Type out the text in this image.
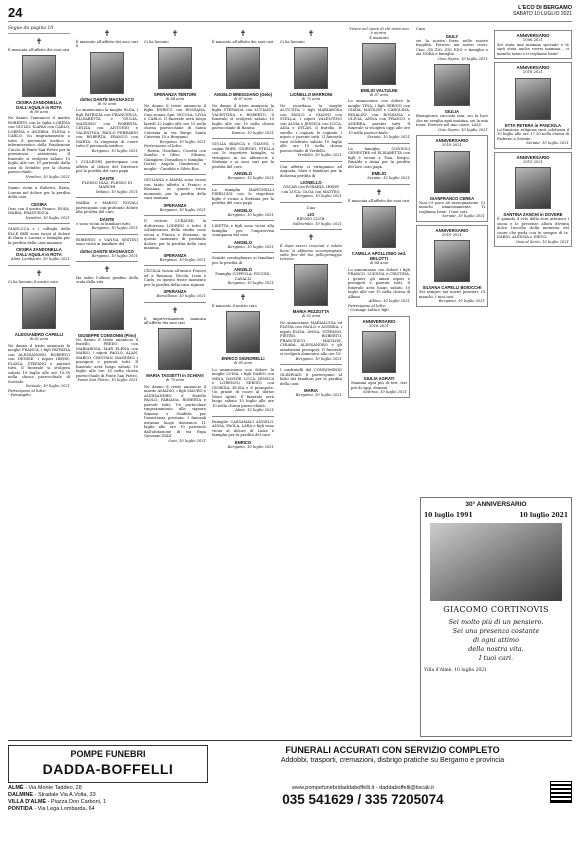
24	L'ECO DI BERGAMO
SABATO 10 LUGLIO 2021
Segue da pagina 10
✝
È mancata all'affetto dei suoi cari
CESIRA ZANDONELLA DALL'AQUILA in ROTA
di 80 anni
Ne danno l'annuncio il marito ROBERTO con la figlia LORENA con GIULIO, ILARIA con CARLO, LORENA e ANDREA, ELENA e CARLO. Un ringraziamento a tutto il personale medico e infermieristico della Fondazione Caccia di Ponte San Pietro per la premurosa assistenza. Il funerale si svolgerà sabato 10 luglio alle ore 10 partendo dalla casa di Nembro per la chiesa parrocchiale.
Nembro, 10 luglio 2021
Siamo vicini a Roberto, Ilaria, Lorena nel dolore per la perdita della cara
CESIRA
Osio con il nostro Franco. ROSA, MARIA, FRANCESCA.
Nembro, 10 luglio 2021
GIANLUCA e i colleghi della ELLE BIBI sono vicini al dolore di Ilaria e Lorena e famiglia per la perdita della cara mamma
CESIRA ZANDONELLA DALL'AQUILA in ROTA
Almè Lombardo, 10 luglio 2021
✝
Ci ha lasciato il nostro caro
ALESSANDRO CAPELLI
di 82 anni
Ne danno il triste annuncio la moglie FRANCA, i figli PATRIZIA con ALESSANDRO, ROBERTO con DENISE, i nipoti IRENE, FLAVIA, STEFANO e parenti tutti. Il funerale si svolgerà sabato 10 luglio alle ore 10.30 nella chiesa parrocchiale di Sorisole.
Sorisole, 10 luglio 2021
Partecipano al lutto:
- Pierangelo
✝
È mancato all'affetto dei suoi cari il
dottor DANTE MAGNASCO
di 92 anni
Lo annunciano la moglie ELDA, i figli PATRIZIA con FRANCESCA, ELISABETTA e GIULIA, MASSIMO con ROBERTA, CINZIA con ANTONIO e VALENTINA, PAOLO FERRARIO con ROBERTA, FRANCO con MARTA. Si ringrazia di cuore tutto il personale medico.
Bergamo, 10 luglio 2021
I COLLEGHI partecipano con affetto al dolore del Direttore per la perdita del caro papà
DANTE
PLESSO DIAZ, PLESSO DI MARCHI
Milano, 10 luglio 2021
MARIA e MARCO NOVALI partecipano con profondo dolore alla perdita del caro
DANTE
e sono vicini ai familiari tutti.
Bergamo, 10 luglio 2021
ROBERTO e VANNA SESTINI sono vicini ai familiari del
dottor DANTE MAGNASCO
Bergamo, 10 luglio 2021
✝
Ha salito l'ultimo gradino della scala della vita
GIUSEPPE CONSONNI (Pino)
Ne danno il triste annuncio il fratello FREDO con MARIAROSA, MAR ELENA con MARIO, i nipoti PAOLO, ALAN, MARCO, CRISTIAN, MASSIMO, i pronipoti e parenti tutti. Il funerale avrà luogo sabato 10 luglio alle ore 10 nella chiesa parrocchiale di Ponte San Pietro.
Ponte San Pietro, 10 luglio 2021
✝
Ci ha lasciato
SPERANZA TENTORI
di 84 anni
Ne danno il triste annuncio il figlio ENRICO con ROSSANA. Ciao nonna Spe: NICOLA, LIVIA e CARLO. Il funerale avrà luogo lunedì 12 luglio alle ore 15 nella chiesa parrocchiale di Santa Caterina in via Borgo Santa Caterina 10 a Bergamo.
Bergamo, 10 luglio 2021
Partecipano al lutto:
- Rosita, Giordano, Cosetta con Sandro e Olivo - Silvana, Giampiero Donadoni e famiglia - Dottor Angelo Gamberini e moglie - Candida e Silvio Ros
GIULIANA e MARIA sono vicine con tanto affetto a Franco e Rossana, in questo triste momento, per la perdita della cara mamma
SPERANZA
Bergamo, 10 luglio 2021
Il rettore LURAGHI, la dottoressa LODRINI e tutto il collaboratori della studio sono vicini a Franco e Rossana, in questo momento di profondo dolore, per la perdita della cara mamma
SPERANZA
Bergamo, 10 luglio 2021
CECILIA vicina all'amico Franco ed a Rossana, Nicola, Livia e Carlo, in questo triste momento per la perdita della cara signora
SPERANZA
Barcellona, 10 luglio 2021
✝
È improvvisamente mancata all'affetto dei suoi cari
MARIA TASSETTI in SCHIAVI
di 79 anni
Ne danno il triste annuncio il marito AMADIO, i figli MAURO e ALESSANDRO, il fratello PAOLO, FABIANA, ROBERTA e parenti tutti. Un particolare ringraziamento alle signore Simona e Giuditta per l'assistenza prestata. I funerali avranno luogo domenica 11 luglio alle ore 10 partendo dall'abitazione di via Papa Giovanni XXIII.
Osio, 10 luglio 2021
✝
È mancato all'affetto dei suoi cari
ANGELO BREGGIANO (Gelo)
di 87 anni
Ne danno il triste annuncio la figlia STEFANIA con LUCIANO, VALENTINA e ROBERTO. Il funerale si svolgerà sabato 10 luglio alle ore 10 nella chiesa parrocchiale di Ranica.
Ranica, 10 luglio 2021
GIULIA BIANCA e GIANNI, i cugini RORY, GIORGIO, STELLA con le rispettive famiglie, si stringono in un abbraccio a Stefania e ai suoi cari per la perdita del caro
ANGELO
Bergamo, 10 luglio 2021
La famiglia MARTINELLI PIERLUIGI con le rispettive figlie è vicina a Stefania per la perdita del caro papà
ANGELO
Bergamo, 10 luglio 2021
LISETTA e figli sono vicini alla famiglia per l'improvvisa scomparsa del caro
ANGELO
Bergamo, 10 luglio 2021
Sentite condoglianze ai familiari per la perdita di
ANGELO
Famiglia COPPOLA, PICCINI, CAVALLI
Bergamo, 10 luglio 2021
✝
È mancato il nostro caro
ENRICO SIGNORELLI
di 85 anni
Lo annunciano con dolore la moglie LUISA, i figli DARIO con MINA, DAVIDE, LUCA, JESSICA e LORENZO, SERGIO con GIORGIA, ELISA e il pronipote. Un grazie di cuore al dottor Moro Aptiti. Il funerale avrà luogo sabato 10 luglio alle ore 10 nella chiesa parrocchiale.
Almè, 10 luglio 2021
Famiglie CASSAMALI ANGELO, ANNA, PAOLA, LARA e figli sono vicini al dolore di Luisa e famiglia per la perdita del caro
ENRICO
Bergamo, 10 luglio 2021
✝
Ci ha lasciato
LIONELLO MARRONI
di 73 anni
Ne ricordano la moglie AUGUSTA, i figli MARIAROSA con PAOLO e GIANNI con STELLA, i nipoti VALENTINO con ALMA e JESSICA con LUCA, ASIA e DYLAN, il fratello, le sorelle, i cognati, le cognate, i nipoti e parenti tutti. Il funerale sarà celebrato sabato 10 luglio alle ore 10 nella chiesa parrocchiale di Verdello.
Verdello, 10 luglio 2021
Con affetto ci stringiamo ad Augusta, Mari e familiari per la dolorosa perdita di
LIONELLO
OSCAR con ROSARIA, IRENE con LUCA, OLGA con MATTEO.
Bergamo, 10 luglio 2021
Ciao
LIO
RIPOSO CLUB.
Valbrembo, 10 luglio 2021
✝
È dopo averci cresciuti e voluto bene, ti abbiamo accompagnata sulla fine del tuo pellegrinaggio terreno.
MARIA PEZZOTTA
di 92 anni
Ne annunciano MARIALUISA ed ELENA con PAOLO e ANDREA, i nipoti ELISA, ANNA, STEFANO, PIETRO, ROBERTO, FRANCESCO, MATILDE, CHIARA, ALESSANDRO e gli amatissimi pronipoti. Il funerale si svolgerà domenica alle ore 10.
Bergamo, 10 luglio 2021
I confratelli del CONDOMINIO OLIMPIADI 8 partecipano al lutto dei familiari per la perdita della cara
MARIA
Bergamo, 10 luglio 2021
Vivere nel cuore di chi resta non è morire.
È mancato
EMILIO VALTULINI
di 87 anni
Lo annunciano con dolore la moglie TINA, i figli SERGIO con GIADA, MATILDE e CAROLINA, RINALDO con ROSSANA e OLIVIA, ANNA con FRANCO e ANDREA, parenti tutti. Il funerale si svolgerà oggi alle ore 10 nella parrocchiale.
Seriate, 10 luglio 2021
La famiglia CONSOLI GENESTRE ed ELISABETTA con figli è vicina a Tina, Sergio, Rinaldo e Anna per la perdita del loro caro papà
EMILIO
Seriate, 10 luglio 2021
✝
È mancata all'affetto dei suoi cari
CAMILLA APOLLONIO ved. BELOTTI
di 84 anni
Lo annunciano con dolore i figli FRANCO, LUIGINA e CRISTINA, i generi, gli amati nipoti e pronipoti e parenti tutti. Il funerale avrà luogo sabato 10 luglio alle ore 10 nella chiesa di Albino.
Albino, 10 luglio 2021
Partecipano al lutto:
- Cornago Lidia e figli
ANNIVERSARIO
2016 2021
GIULIA AGRATI
Mamma ogni più di teri, teri più di oggi, domani.
Sedrina, 10 luglio 2021
Cara
GIULY
sei la nostra forza nelle nostre fragilità. Forever nei nostri cuori. Ciao. Gli ZIO, ZIO EDO e famiglia e zia NORA e famiglia.
Osio Sopra, 10 luglio 2021
GIULIA
Buongiorno cucciola mia, sei la luce che mi sveglia ogni mattina, sei la mia forza. Forever nel mio cuore. LALY.
Osio Sopra, 10 luglio 2021
ANNIVERSARIO
2019 2021
GIANFRANCO CEREA
Non c'è pace né rassegnazione. Ci manchi immensamente. Ti vogliamo bene. I tuoi cari.
Seriate, 10 luglio 2021
ANNIVERSARIO
2019 2021
SILVANA CAPELLI BOIOCCHI
Sei sempre nei nostri pensieri. Ci manchi. I tuoi cari.
Bergamo, 10 luglio 2021
ANNIVERSARIO
2006 2021
Sei stata una mamma speciale e te sarò stata anche vorrei mamma... ci manchi tanto e ti vogliamo bene!
ANNIVERSARIO
2018 2021
ETTA PETERA in PANCIOLA
La funzione religiosa sarà celebrata il 10 luglio alle ore 17.30 nella chiesa di Paderno a Seriate.
Seriate, 10 luglio 2021
ANNIVERSARIO
2015 2021
SANTINA ZANCHI in DOVERE
È quando il velo della sera attutisce i suoni e le presenze allora diventa dolce l'ascolto della memoria del cuore che parla con te sempre di te. DARIO, ALESSIA e DIEGO.
Osio al Serio, 10 luglio 2021
30° ANNIVERSARIO
10 luglio 1991	10 luglio 2021
GIACOMO CORTINOVIS
Sei molto più di un pensiero.
Sei una presenza costante
di ogni attimo
della nostra vita.
I tuoi cari.
Villa d'Almè, 10 luglio 2021
POMPE FUNEBRI
DADDA-BOFFELLI
FUNERALI ACCURATI CON SERVIZIO COMPLETO
Addobbi, trasporti, cremazioni, disbrigo pratiche su Bergamo e provincia
ALMÈ - Via Monte Taddeo, 28
DALMINE - Stradale Via A.Volta, 33
VILLA D'ALMÈ - Piazza Don Carboni, 1
PONTIDA - Via Lega Lombarda, 64
www.pompefunebridaddaboffelli.it - daddaboffelli@tiscali.it
035 541629 / 335 7205074
